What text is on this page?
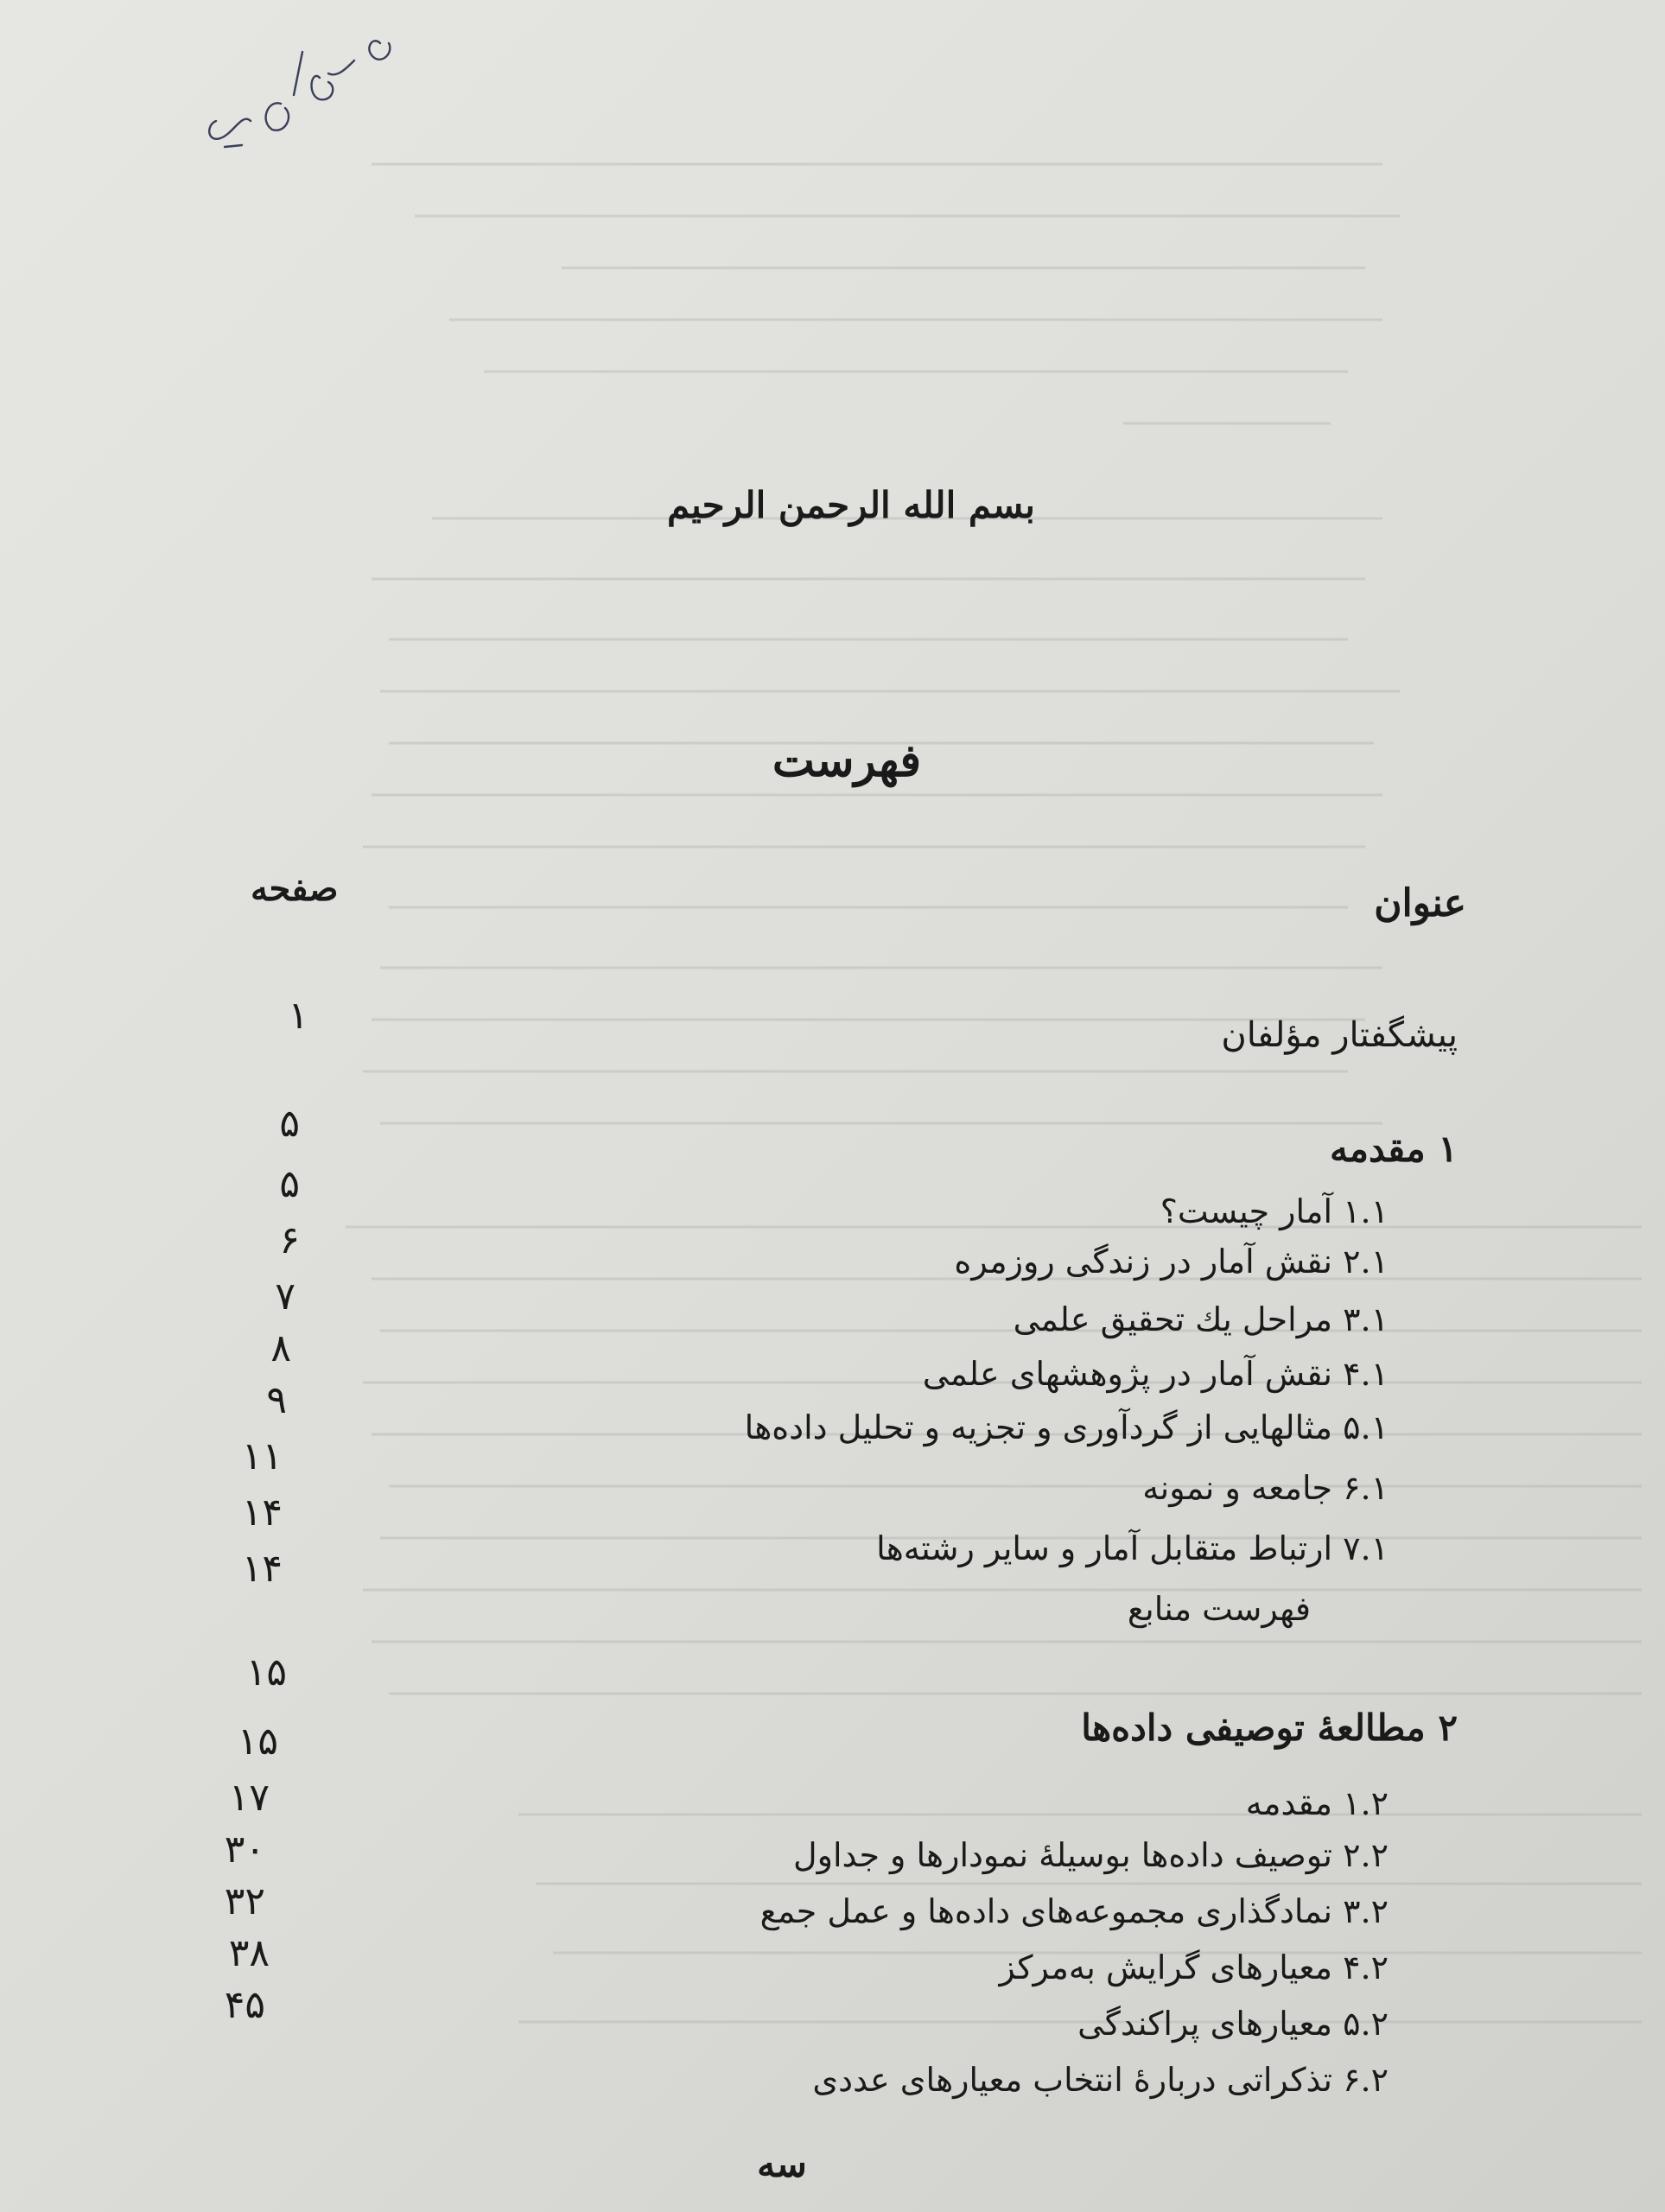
بسم الله الرحمن الرحیم
فهرست
صفحه	عنوان
پیشگفتار مؤلفان
۱
۱ مقدمه
۵
۱.۱ آمار چیست؟
۵
۲.۱ نقش آمار در زندگی روزمره
۶
۳.۱ مراحل یك تحقیق علمی
۷
۴.۱ نقش آمار در پژوهشهای علمی
۸
۵.۱ مثالهایی از گردآوری و تجزیه و تحلیل داده‌ها
۹
۶.۱ جامعه و نمونه
۱۱
۷.۱ ارتباط متقابل آمار و سایر رشته‌ها
۱۴
فهرست منابع
۱۴
۲ مطالعهٔ توصیفی داده‌ها
۱۵
۱.۲ مقدمه
۱۵
۲.۲ توصیف داده‌ها بوسیلهٔ نمودارها و جداول
۱۷
۳.۲ نمادگذاری مجموعه‌های داده‌ها و عمل جمع
۳۰
۴.۲ معیارهای گرایش به‌مرکز
۳۲
۵.۲ معیارهای پراکندگی
۳۸
۶.۲ تذکراتی دربارهٔ انتخاب معیارهای عددی
۴۵
سه
